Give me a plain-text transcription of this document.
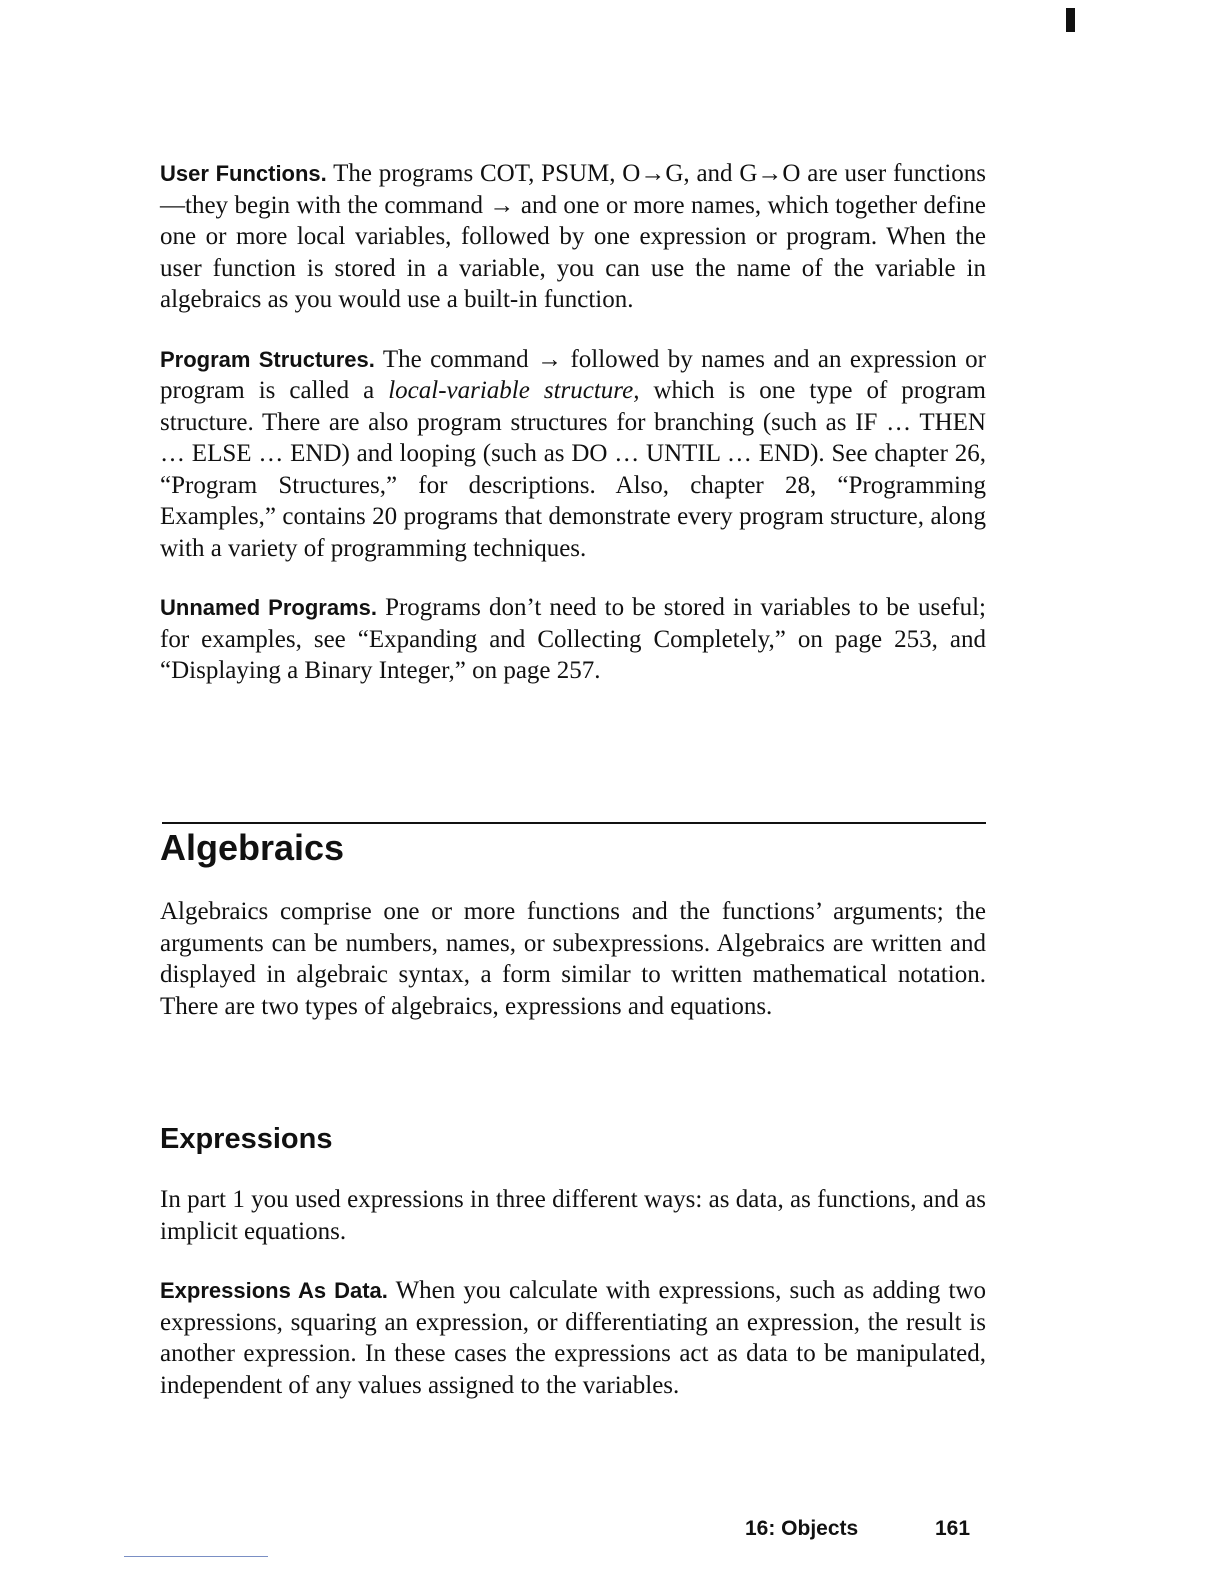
User Functions. The programs COT, PSUM, O→G, and G→O are user functions—they begin with the command → and one or more names, which together define one or more local variables, followed by one expression or program. When the user function is stored in a variable, you can use the name of the variable in algebraics as you would use a built-in function.

Program Structures. The command → followed by names and an expression or program is called a local-variable structure, which is one type of program structure. There are also program structures for branching (such as IF … THEN … ELSE … END) and looping (such as DO … UNTIL … END). See chapter 26, “Program Structures,” for descriptions. Also, chapter 28, “Programming Examples,” contains 20 programs that demonstrate every program structure, along with a variety of programming techniques.

Unnamed Programs. Programs don’t need to be stored in variables to be useful; for examples, see “Expanding and Collecting Completely,” on page 253, and “Displaying a Binary Integer,” on page 257.

Algebraics

Algebraics comprise one or more functions and the functions’ arguments; the arguments can be numbers, names, or subexpressions. Algebraics are written and displayed in algebraic syntax, a form similar to written mathematical notation. There are two types of algebraics, expressions and equations.

Expressions

In part 1 you used expressions in three different ways: as data, as functions, and as implicit equations.

Expressions As Data. When you calculate with expressions, such as adding two expressions, squaring an expression, or differentiating an expression, the result is another expression. In these cases the expressions act as data to be manipulated, independent of any values assigned to the variables.

16: Objects	161
